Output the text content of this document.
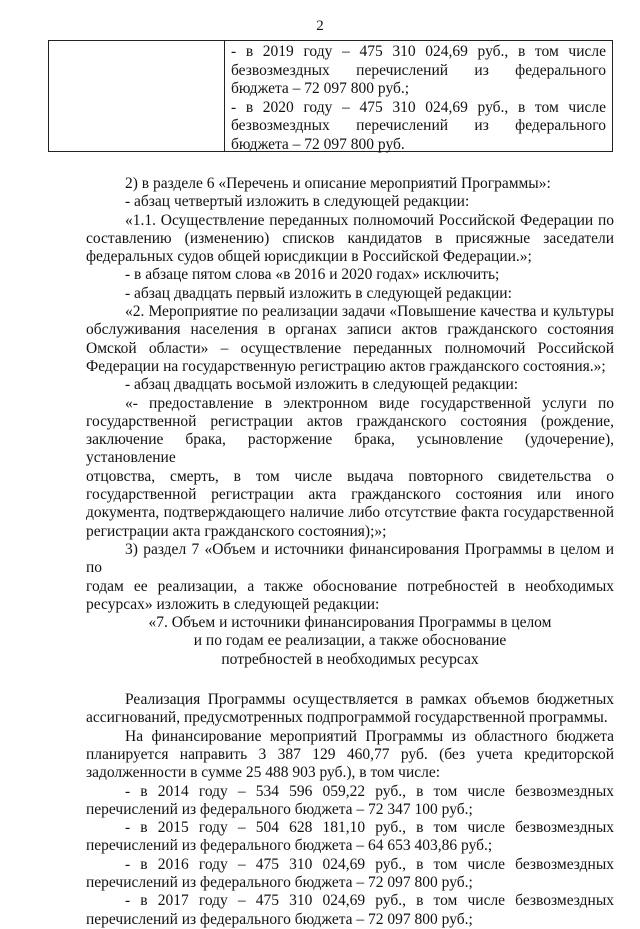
2
- в 2019 году – 475 310 024,69 руб., в том числе
безвозмездных перечислений из федерального
бюджета – 72 097 800 руб.;
- в 2020 году – 475 310 024,69 руб., в том числе
безвозмездных перечислений из федерального
бюджета – 72 097 800 руб.
2) в разделе 6 «Перечень и описание мероприятий Программы»:
- абзац четвертый изложить в следующей редакции:
«1.1. Осуществление переданных полномочий Российской Федерации по
составлению (изменению) списков кандидатов в присяжные заседатели
федеральных судов общей юрисдикции в Российской Федерации.»;
- в абзаце пятом слова «в 2016 и 2020 годах» исключить;
- абзац двадцать первый изложить в следующей редакции:
«2. Мероприятие по реализации задачи «Повышение качества и культуры
обслуживания населения в органах записи актов гражданского состояния
Омской области» – осуществление переданных полномочий Российской
Федерации на государственную регистрацию актов гражданского состояния.»;
- абзац двадцать восьмой изложить в следующей редакции:
«- предоставление в электронном виде государственной услуги по
государственной регистрации актов гражданского состояния (рождение,
заключение брака, расторжение брака, усыновление (удочерение), установление
отцовства, смерть, в том числе выдача повторного свидетельства о
государственной регистрации акта гражданского состояния или иного
документа, подтверждающего наличие либо отсутствие факта государственной
регистрации акта гражданского состояния);»;
3) раздел 7 «Объем и источники финансирования Программы в целом и по
годам ее реализации, а также обоснование потребностей в необходимых
ресурсах» изложить в следующей редакции:
«7. Объем и источники финансирования Программы в целом
и по годам ее реализации, а также обоснование
потребностей в необходимых ресурсах
Реализация Программы осуществляется в рамках объемов бюджетных
ассигнований, предусмотренных подпрограммой государственной программы.
На финансирование мероприятий Программы из областного бюджета
планируется направить 3 387 129 460,77 руб. (без учета кредиторской
задолженности в сумме 25 488 903 руб.), в том числе:
- в 2014 году – 534 596 059,22 руб., в том числе безвозмездных
перечислений из федерального бюджета – 72 347 100 руб.;
- в 2015 году – 504 628 181,10 руб., в том числе безвозмездных
перечислений из федерального бюджета – 64 653 403,86 руб.;
- в 2016 году – 475 310 024,69 руб., в том числе безвозмездных
перечислений из федерального бюджета – 72 097 800 руб.;
- в 2017 году – 475 310 024,69 руб., в том числе безвозмездных
перечислений из федерального бюджета – 72 097 800 руб.;
